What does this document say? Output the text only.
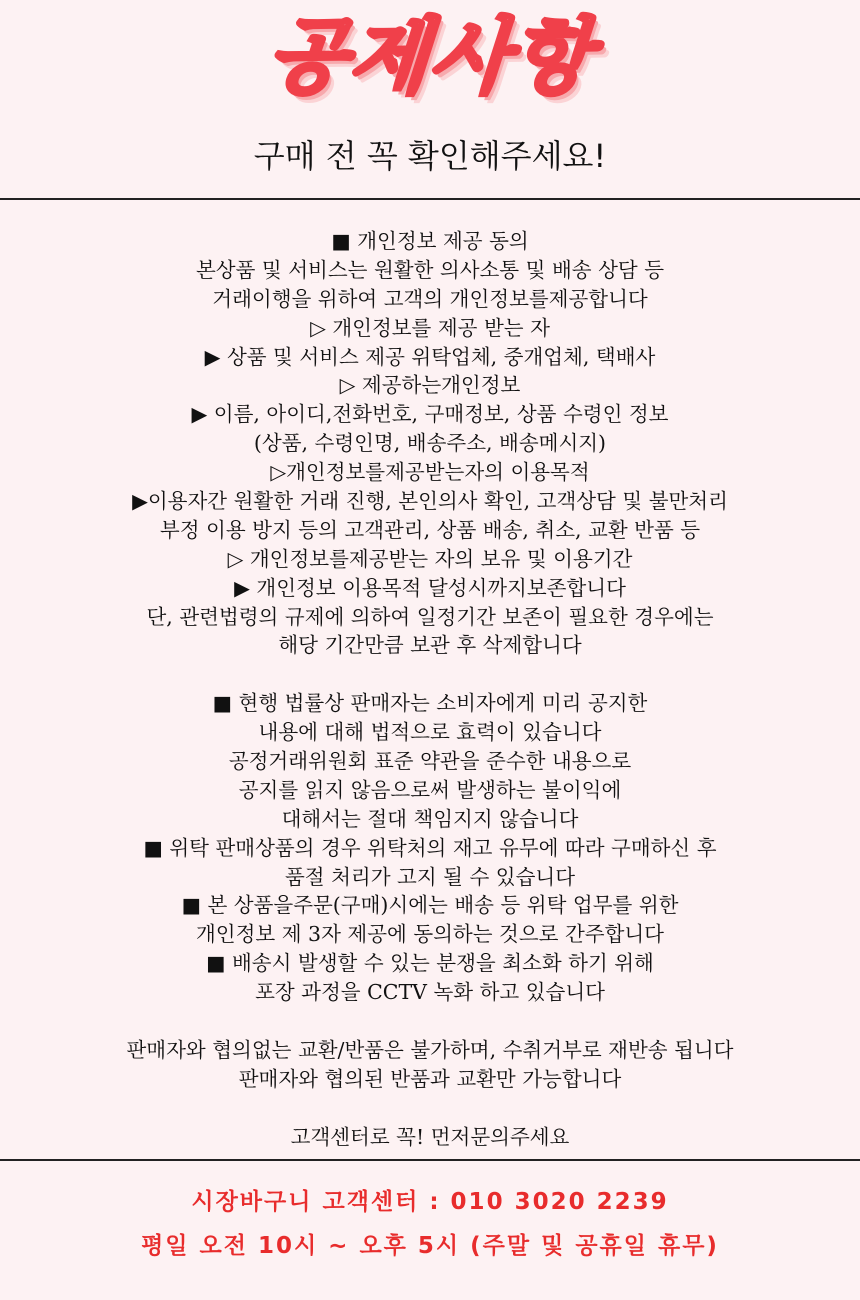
공제사항
구매 전 꼭 확인해주세요!
■ 개인정보 제공 동의
본상품 및 서비스는 원활한 의사소통 및 배송 상담 등
거래이행을 위하여 고객의 개인정보를제공합니다
▷ 개인정보를 제공 받는 자
▶ 상품 및 서비스 제공 위탁업체, 중개업체, 택배사
▷ 제공하는개인정보
▶ 이름, 아이디,전화번호, 구매정보, 상품 수령인 정보
(상품, 수령인명, 배송주소, 배송메시지)
▷개인정보를제공받는자의 이용목적
▶이용자간 원활한 거래 진행, 본인의사 확인, 고객상담 및 불만처리
부정 이용 방지 등의 고객관리, 상품 배송, 취소, 교환 반품 등
▷ 개인정보를제공받는 자의 보유 및 이용기간
▶ 개인정보 이용목적 달성시까지보존합니다
단, 관련법령의 규제에 의하여 일정기간 보존이 필요한 경우에는
해당 기간만큼 보관 후 삭제합니다
■ 현행 법률상 판매자는 소비자에게 미리 공지한
내용에 대해 법적으로 효력이 있습니다
공정거래위원회 표준 약관을 준수한 내용으로
공지를 읽지 않음으로써 발생하는 불이익에
대해서는 절대 책임지지 않습니다
■ 위탁 판매상품의 경우 위탁처의 재고 유무에 따라 구매하신 후
품절 처리가 고지 될 수 있습니다
■ 본 상품을주문(구매)시에는 배송 등 위탁 업무를 위한
개인정보 제 3자 제공에 동의하는 것으로 간주합니다
■ 배송시 발생할 수 있는 분쟁을 최소화 하기 위해
포장 과정을 CCTV 녹화 하고 있습니다
판매자와 협의없는 교환/반품은 불가하며, 수취거부로 재반송 됩니다
판매자와 협의된 반품과 교환만 가능합니다
고객센터로 꼭! 먼저문의주세요
시장바구니 고객센터 : 010 3020 2239
평일 오전 10시 ~ 오후 5시 (주말 및 공휴일 휴무)
